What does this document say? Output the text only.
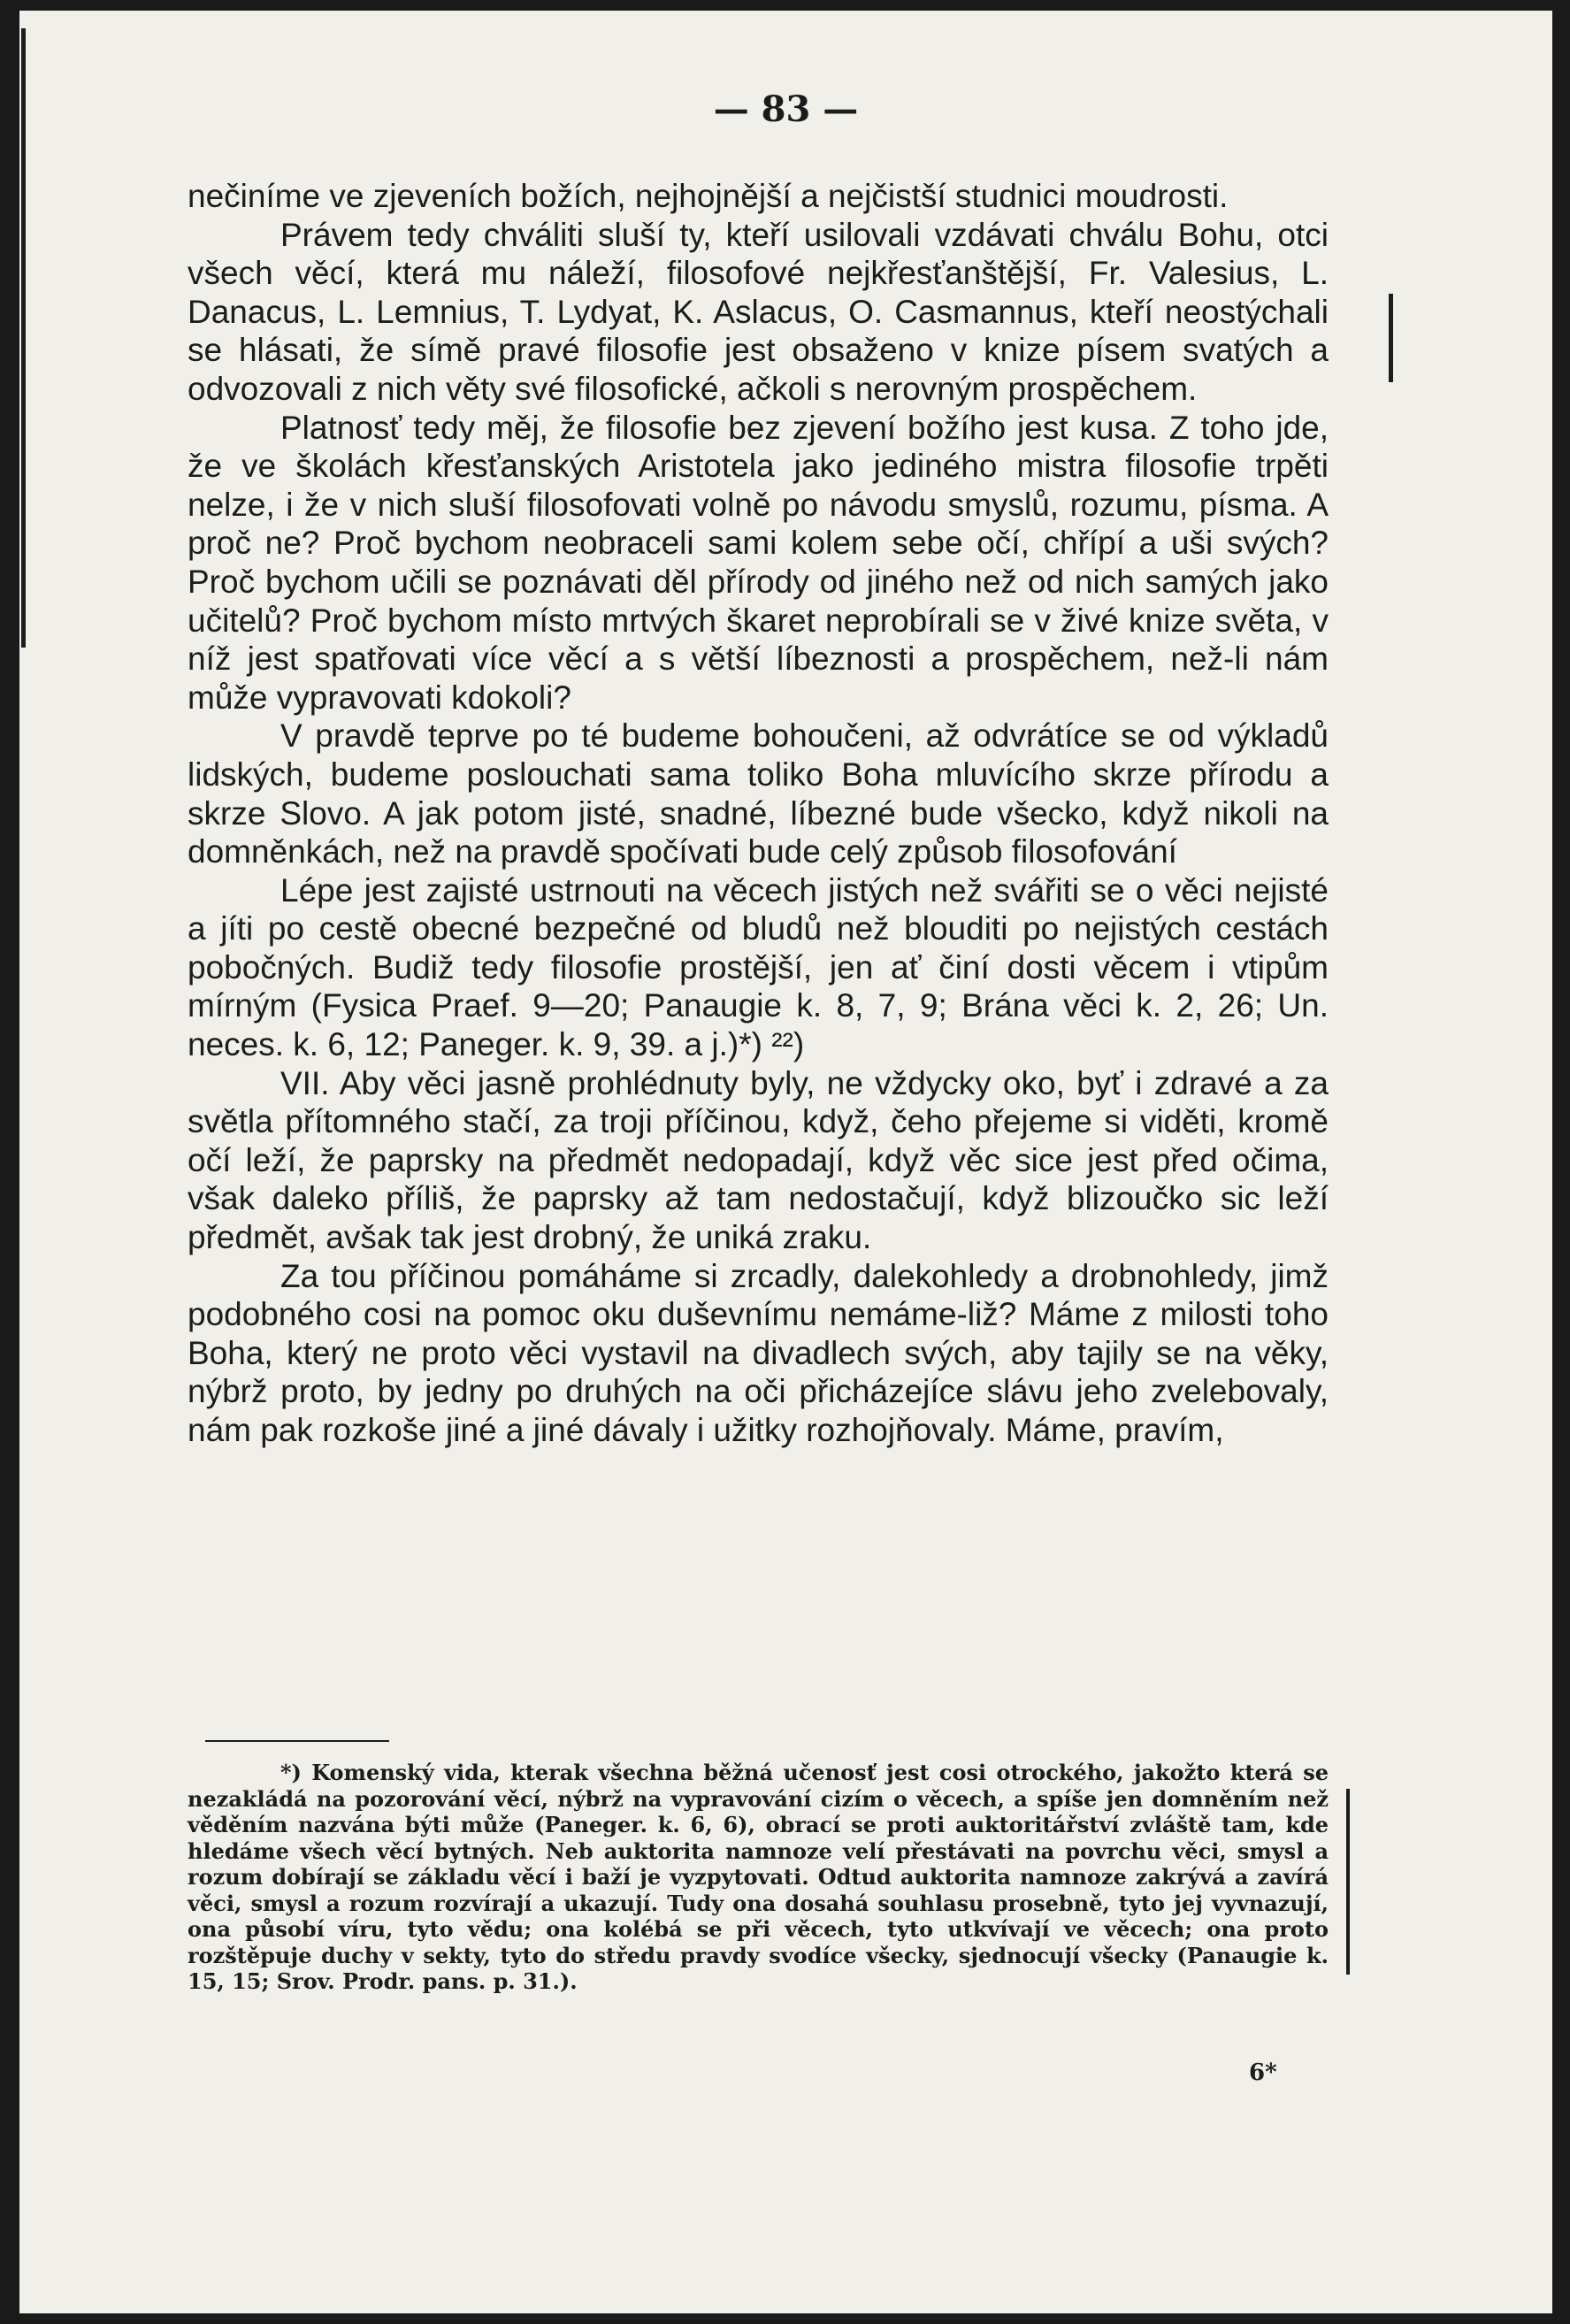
— 83 —

nečiníme ve zjeveních božích, nejhojnější a nejčistší studnici moudrosti.

Právem tedy chváliti sluší ty, kteří usilovali vzdávati chválu Bohu, otci všech věcí, která mu náleží, filosofové nejkřesťanštější, Fr. Valesius, L. Danacus, L. Lemnius, T. Lydyat, K. Aslacus, O. Casmannus, kteří neostýchali se hlásati, že símě pravé filosofie jest obsaženo v knize písem svatých a odvozovali z nich věty své filosofické, ačkoli s nerovným prospěchem.

Platnosť tedy měj, že filosofie bez zjevení božího jest kusa. Z toho jde, že ve školách křesťanských Aristotela jako jediného mistra filosofie trpěti nelze, i že v nich sluší filosofovati volně po návodu smyslů, rozumu, písma. A proč ne? Proč bychom neobraceli sami kolem sebe očí, chřípí a uši svých? Proč bychom učili se poznávati děl přírody od jiného než od nich samých jako učitelů? Proč bychom místo mrtvých škaret neprobírali se v živé knize světa, v níž jest spatřovati více věcí a s větší líbeznosti a prospěchem, než-li nám může vypravovati kdokoli?

V pravdě teprve po té budeme bohoučeni, až odvrátíce se od výkladů lidských, budeme poslouchati sama toliko Boha mluvícího skrze přírodu a skrze Slovo. A jak potom jisté, snadné, líbezné bude všecko, když nikoli na domněnkách, než na pravdě spočívati bude celý způsob filosofování

Lépe jest zajisté ustrnouti na věcech jistých než svářiti se o věci nejisté a jíti po cestě obecné bezpečné od bludů než blouditi po nejistých cestách pobočných. Budiž tedy filosofie prostější, jen ať činí dosti věcem i vtipům mírným (Fysica Praef. 9—20; Panaugie k. 8, 7, 9; Brána věci k. 2, 26; Un. neces. k. 6, 12; Paneger. k. 9, 39. a j.)*) ²²)

VII. Aby věci jasně prohlédnuty byly, ne vždycky oko, byť i zdravé a za světla přítomného stačí, za troji příčinou, když, čeho přejeme si viděti, kromě očí leží, že paprsky na předmět nedopadají, když věc sice jest před očima, však daleko příliš, že paprsky až tam nedostačují, když blizoučko sic leží předmět, avšak tak jest drobný, že uniká zraku.

Za tou příčinou pomáháme si zrcadly, dalekohledy a drobnohledy, jimž podobného cosi na pomoc oku duševnímu nemáme-liž? Máme z milosti toho Boha, který ne proto věci vystavil na divadlech svých, aby tajily se na věky, nýbrž proto, by jedny po druhých na oči přicházejíce slávu jeho zvelebovaly, nám pak rozkoše jiné a jiné dávaly i užitky rozhojňovaly. Máme, pravím,

*) Komenský vida, kterak všechna běžná učenosť jest cosi otrockého, jakožto která se nezakládá na pozorování věcí, nýbrž na vypravování cizím o věcech, a spíše jen domněním než věděním nazvána býti může (Paneger. k. 6, 6), obrací se proti auktoritářství zvláště tam, kde hledáme všech věcí bytných. Neb auktorita namnoze velí přestávati na povrchu věci, smysl a rozum dobírají se základu věcí i baží je vyzpytovati. Odtud auktorita namnoze zakrývá a zavírá věci, smysl a rozum rozvírají a ukazují. Tudy ona dosahá souhlasu prosebně, tyto jej vyvnazují, ona působí víru, tyto vědu; ona kolébá se při věcech, tyto utkvívají ve věcech; ona proto rozštěpuje duchy v sekty, tyto do středu pravdy svodíce všecky, sjednocují všecky (Panaugie k. 15, 15; Srov. Prodr. pans. p. 31.).

6*
